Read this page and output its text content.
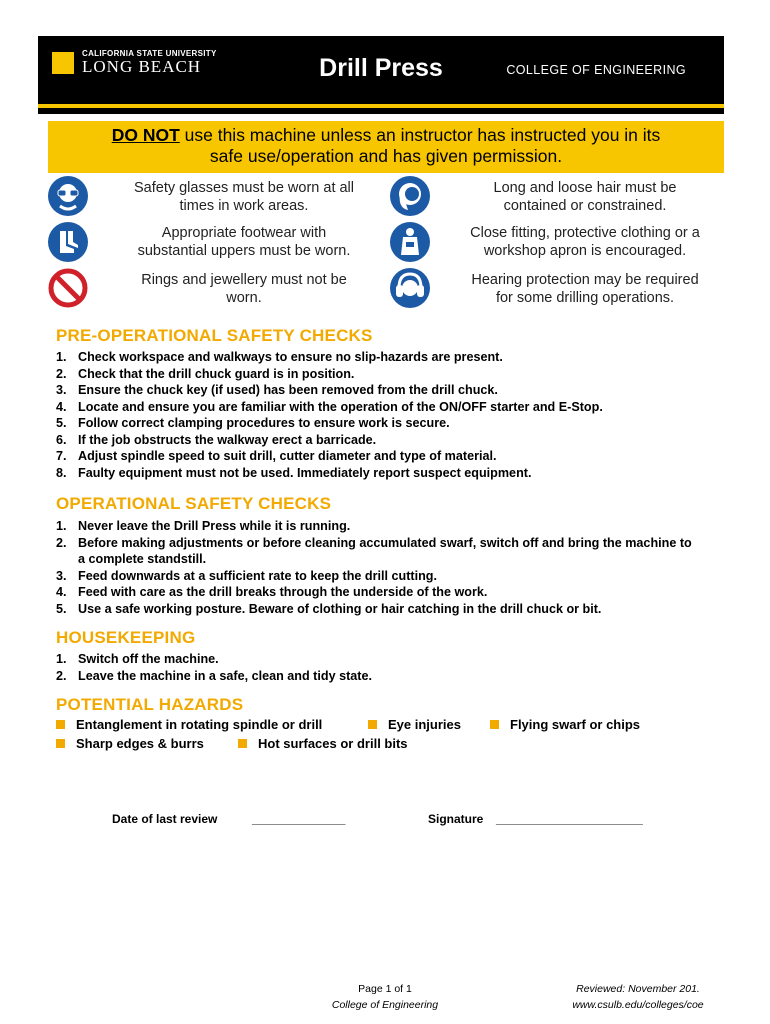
CALIFORNIA STATE UNIVERSITY
LONG BEACH	Drill Press	COLLEGE OF ENGINEERING
DO NOT use this machine unless an instructor has instructed you in its
safe use/operation and has given permission.
Safety glasses must be worn at all
times in work areas.
Long and loose hair must be
contained or constrained.
Appropriate footwear with
substantial uppers must be worn.
Close fitting, protective clothing or a
workshop apron is encouraged.
Rings and jewellery must not be
worn.
Hearing protection may be required
for some drilling operations.
PRE-OPERATIONAL SAFETY CHECKS
1. Check workspace and walkways to ensure no slip-hazards are present.
2. Check that the drill chuck guard is in position.
3. Ensure the chuck key (if used) has been removed from the drill chuck.
4. Locate and ensure you are familiar with the operation of the ON/OFF starter and E-Stop.
5. Follow correct clamping procedures to ensure work is secure.
6. If the job obstructs the walkway erect a barricade.
7. Adjust spindle speed to suit drill, cutter diameter and type of material.
8. Faulty equipment must not be used. Immediately report suspect equipment.
OPERATIONAL SAFETY CHECKS
1. Never leave the Drill Press while it is running.
2. Before making adjustments or before cleaning accumulated swarf, switch off and bring the machine to a complete standstill.
3. Feed downwards at a sufficient rate to keep the drill cutting.
4. Feed with care as the drill breaks through the underside of the work.
5. Use a safe working posture. Beware of clothing or hair catching in the drill chuck or bit.
HOUSEKEEPING
1. Switch off the machine.
2. Leave the machine in a safe, clean and tidy state.
POTENTIAL HAZARDS
Entanglement in rotating spindle or drill	Eye injuries	Flying swarf or chips
Sharp edges & burrs	Hot surfaces or drill bits
Date of last review	______________	Signature ______________________
Page 1 of 1
College of Engineering
Reviewed: November 201.
www.csulb.edu/colleges/coe
